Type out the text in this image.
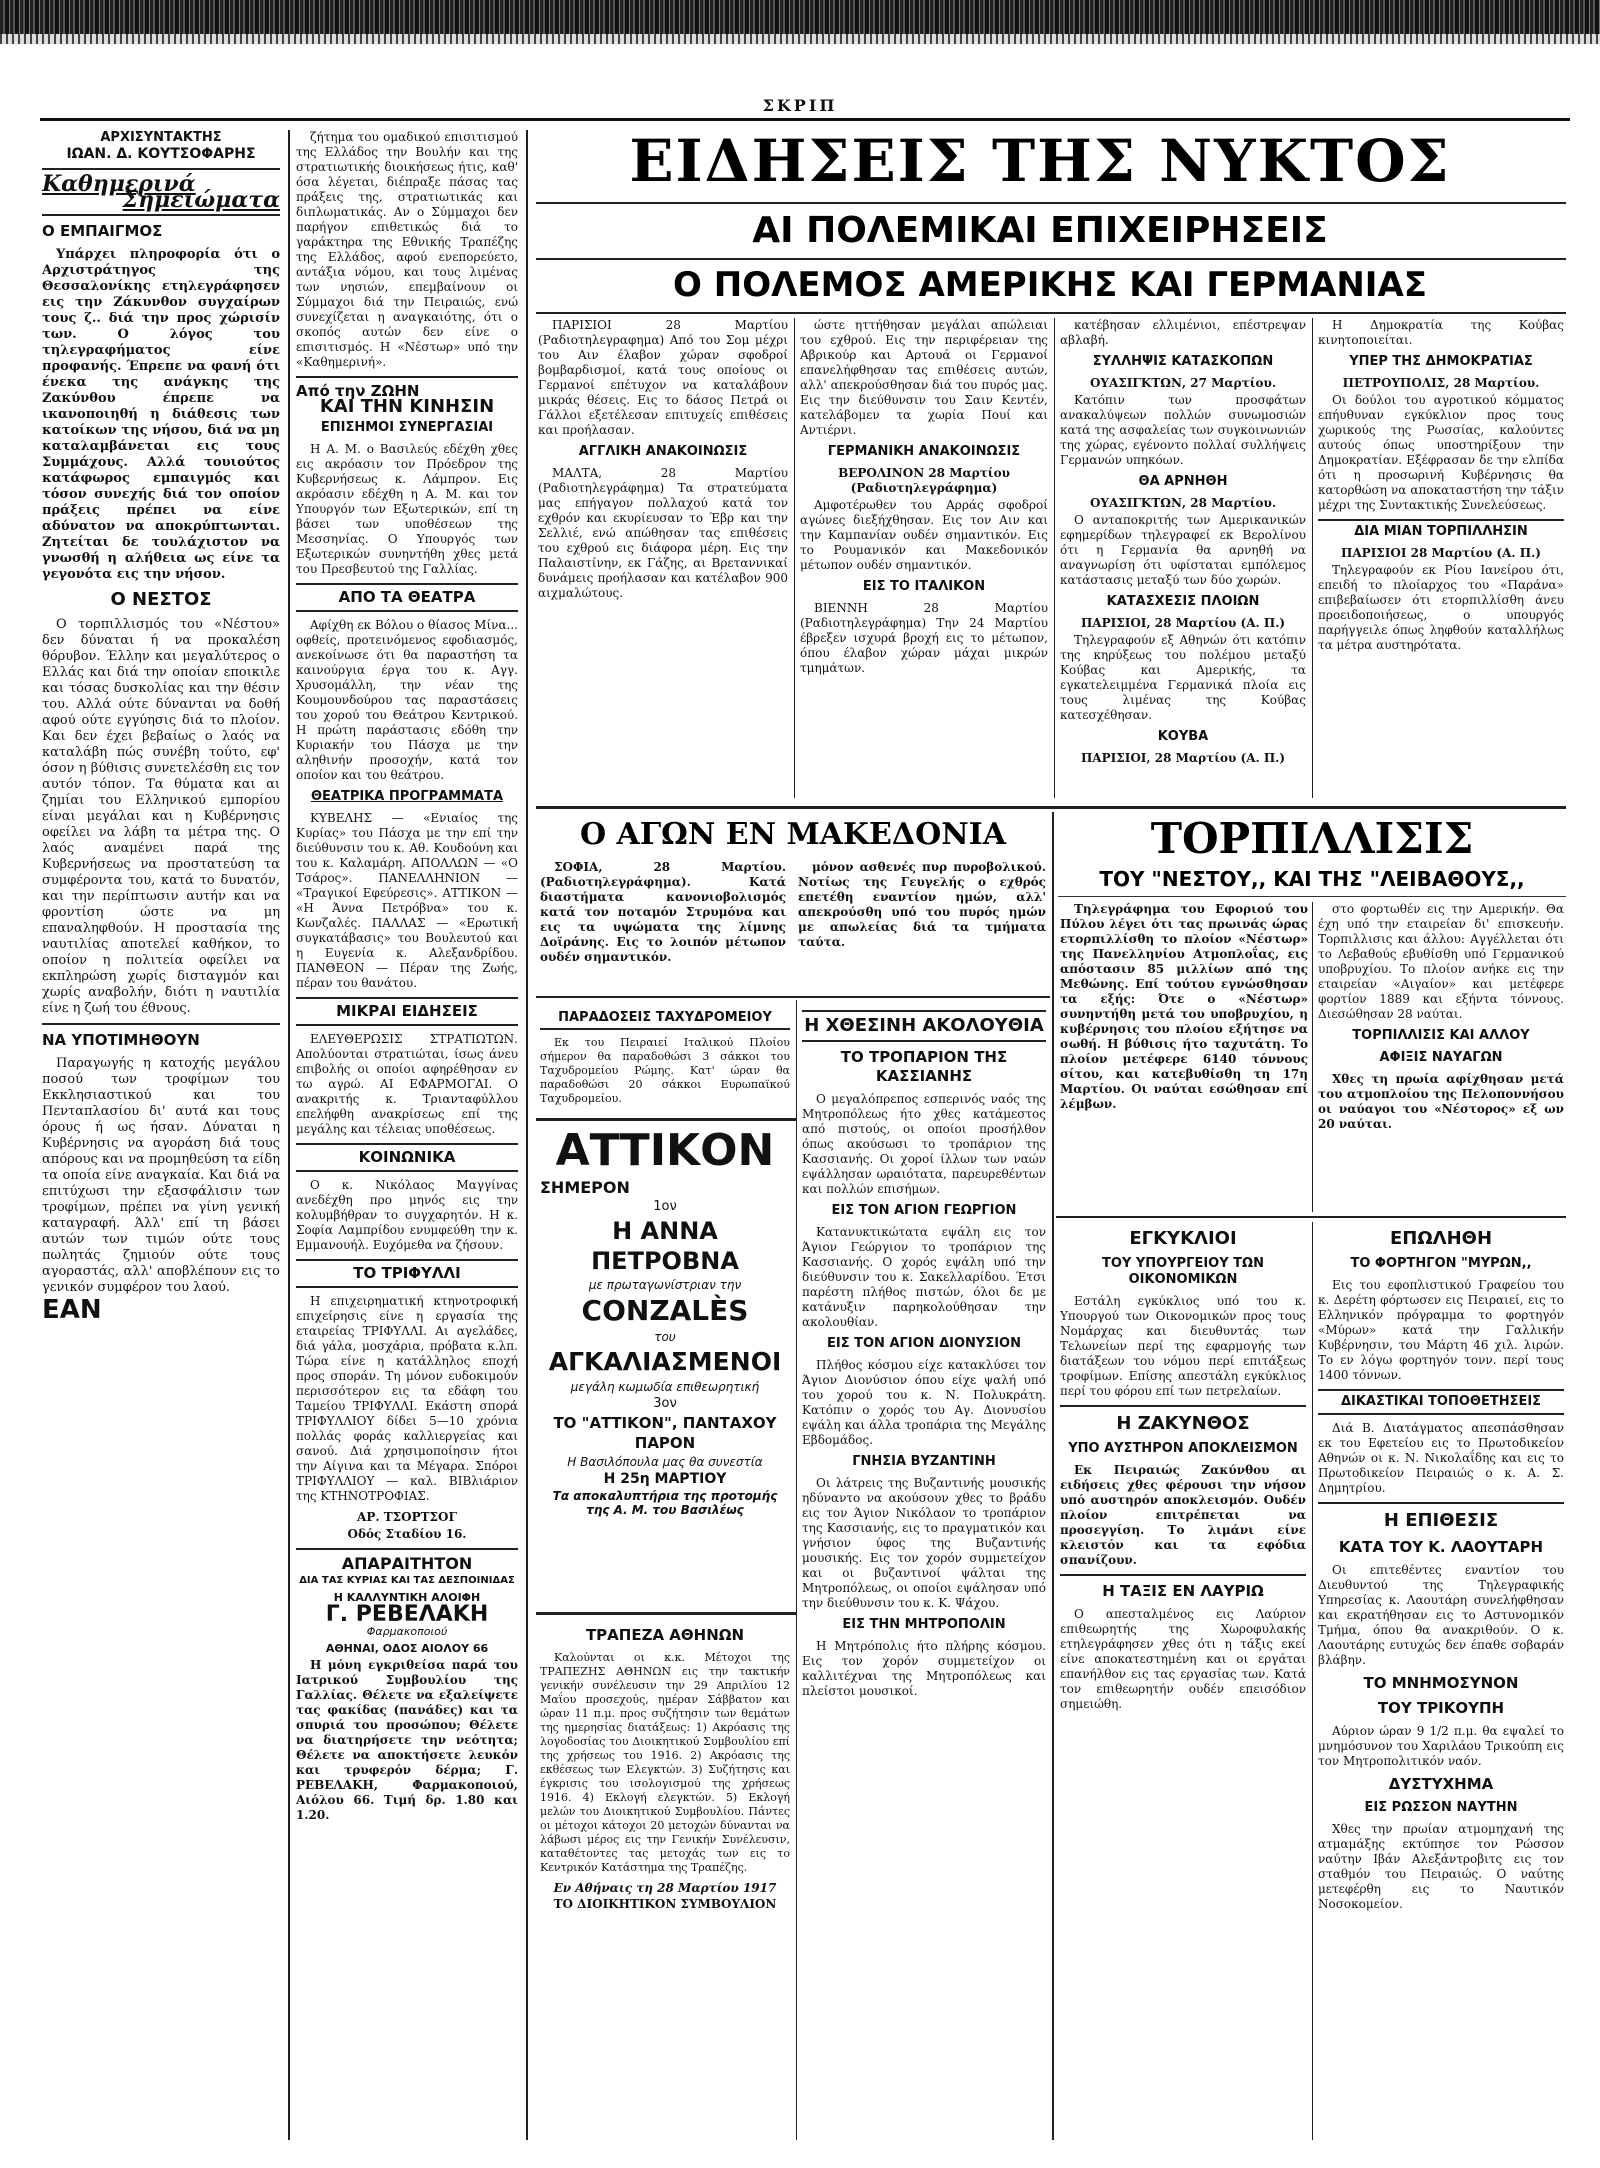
ΣΚΡΙΠ
ΑΡΧΙΣΥΝΤΑΚΤΗΣ
ΙΩΑΝ. Δ. ΚΟΥΤΣΟΦΑΡΗΣ
Καθημερινά
Σημειώματα
Ο ΕΜΠΑΙΓΜΟΣ

Υπάρχει πληροφορία ότι ο Αρχιστράτηγος της Θεσσαλονίκης ετηλεγράφησεν εις την Ζάκυνθον συγχαίρων τους ζ.. διά την προς χώρισίν των. Ο λόγος του τηλεγραφήματος είνε προφανής. Έπρεπε να φανή ότι ένεκα της ανάγκης της Ζακύνθου έπρεπε να ικανοποιηθή η διάθεσις των κατοίκων της νήσου, διά να μη καταλαμβάνεται εις τους Συμμάχους. Αλλά τουιούτος κατάφωρος εμπαιγμός και τόσον συνεχής διά τον οποίον πράξεις πρέπει να είνε αδύνατον να αποκρύπτωνται. Ζητείται δε τουλάχιστον να γνωσθή η αλήθεια ως είνε τα γεγονότα εις την νήσον.

Ο ΝΕΣΤΟΣ

Ο τορπιλλισμός του «Νέστου» δεν δύναται ή να προκαλέση θόρυβον. Έλλην και μεγαλύτερος ο Ελλάς και διά την οποίαν εποικιλε και τόσας δυσκολίας και την θέσιν του. Αλλά ούτε δύνανται να δοθή αφού ούτε εγγύησις διά το πλοίον. Και δεν έχει βεβαίως ο λαός να καταλάβη πώς συνέβη τούτο, εφ' όσον η βύθισις συνετελέσθη εις τον αυτόν τόπον. Τα θύματα και αι ζημίαι του Ελληνικού εμπορίου είναι μεγάλαι και η Κυβέρνησις οφείλει να λάβη τα μέτρα της. Ο λαός αναμένει παρά της Κυβερνήσεως να προστατεύση τα συμφέροντα του, κατά το δυνατόν, και την περίπτωσιν αυτήν και να φροντίση ώστε να μη επαναληφθούν. Η προστασία της ναυτιλίας αποτελεί καθήκον, το οποίον η πολιτεία οφείλει να εκπληρώση χωρίς δισταγμόν και χωρίς αναβολήν, διότι η ναυτιλία είνε η ζωή του έθνους.

ΝΑ ΥΠΟΤΙΜΗΘΟΥΝ

Παραγωγής η κατοχής μεγάλου ποσού των τροφίμων του Εκκλησιαστικού και του Πενταπλασίου δι' αυτά και τους όρους ή ως ήσαν. Δύναται η Κυβέρνησις να αγοράση διά τους απόρους και να προμηθεύση τα είδη τα οποία είνε αναγκαία. Και διά να επιτύχωσι την εξασφάλισιν των τροφίμων, πρέπει να γίνη γενική καταγραφή. Άλλ' επί τη βάσει αυτών των τιμών ούτε τους πωλητάς ζημιούν ούτε τους αγοραστάς, αλλ' αποβλέπουν εις το γενικόν συμφέρον του λαού.

ΕΑΝ

ζήτημα του ομαδικού επισιτισμού της Ελλάδος την Βουλήν και της στρατιωτικής διοικήσεως ήτις, καθ' όσα λέγεται, διέπραξε πάσας τας πράξεις της, στρατιωτικάς και διπλωματικάς. Αν ο Σύμμαχοι δεν παρήγον επιθετικώς διά το γαράκτηρα της Εθνικής Τραπέζης της Ελλάδος, αφού ενεπορεύετο, αντάξια νόμου, και τους λιμένας των νησιών, επεμβαίνουν οι Σύμμαχοι διά την Πειραιώς, ενώ συνεχίζεται η αναγκαιότης, ότι ο σκοπός αυτών δεν είνε ο επισιτισμός. Η «Νέστωρ» υπό την «Καθημερινή».

Από την ΖΩΗΝ
ΚΑΙ ΤΗΝ ΚΙΝΗΣΙΝ
ΕΠΙΣΗΜΟΙ ΣΥΝΕΡΓΑΣΙΑΙ

Η Α. Μ. ο Βασιλεύς εδέχθη χθες εις ακρόασιν τον Πρόεδρον της Κυβερνήσεως κ. Λάμπρον. Εις ακρόασιν εδέχθη η Α. Μ. και τον Υπουργόν των Εξωτερικών, επί τη βάσει των υποθέσεων της Μεσσηνίας. Ο Υπουργός των Εξωτερικών συνηντήθη χθες μετά του Πρεσβευτού της Γαλλίας.

ΑΠΟ ΤΑ ΘΕΑΤΡΑ

Αφίχθη εκ Βόλου ο θίασος Μίνα... οφθείς, προτεινόμενος εφοδιασμός, ανεκοίνωσε ότι θα παραστήση τα καινούργια έργα του κ. Αγγ. Χρυσομάλλη, την νέαν της Κουμουνδούρου τας παραστάσεις του χορού του Θεάτρου Κεντρικού. Η πρώτη παράστασις εδόθη την Κυριακήν του Πάσχα με την αληθινήν προσοχήν, κατά τον οποίον και του θεάτρου.

ΘΕΑΤΡΙΚΑ ΠΡΟΓΡΑΜΜΑΤΑ

ΚΥΒΕΛΗΣ — «Ενιαίος της Κυρίας» του Πάσχα με την επί την διεύθυνσιν του κ. Αθ. Κουδούνη και του κ. Καλαμάρη. ΑΠΟΛΛΩΝ — «Ο Τσάρος». ΠΑΝΕΛΛΗΝΙΟΝ — «Τραγικοί Εφεύρεσις». ΑΤΤΙΚΟΝ — «Η Άννα Πετρόβνα» του κ. Κωνζαλές. ΠΑΛΛΑΣ — «Ερωτική συγκατάβασις» του Βουλευτού και η Ευγενία κ. Αλεξανδρίδου. ΠΑΝΘΕΟΝ — Πέραν της Ζωής, πέραν του θανάτου.

ΜΙΚΡΑΙ ΕΙΔΗΣΕΙΣ

ΕΛΕΥΘΕΡΩΣΙΣ ΣΤΡΑΤΙΩΤΩΝ. Απολύονται στρατιώται, ίσως άνευ επιβολής οι οποίοι αφηρέθησαν εν τω αγρώ. ΑΙ ΕΦΑΡΜΟΓΑΙ. Ο ανακριτής κ. Τριανταφύλλου επελήφθη ανακρίσεως επί της μεγάλης και τέλειας υποθέσεως.

ΚΟΙΝΩΝΙΚΑ

Ο κ. Νικόλαος Μαγγίνας ανεδέχθη προ μηνός εις την κολυμβήθραν το συγχαρητόν. Η κ. Σοφία Λαμπρίδου ενυμφεύθη την κ. Εμμανουήλ. Ευχόμεθα να ζήσουν.

ΤΟ ΤΡΙΦΥΛΛΙ

Η επιχειρηματική κτηνοτροφική επιχείρησις είνε η εργασία της εταιρείας ΤΡΙΦΥΛΛΙ. Αι αγελάδες, διά γάλα, μοσχάρια, πρόβατα κ.λπ. Τώρα είνε η κατάλληλος εποχή προς σποράν. Τη μόνον ευδοκιμούν περισσότερον εις τα εδάφη του Ταμείου ΤΡΙΦΥΛΛΙ. Εκάστη σπορά ΤΡΙΦΥΛΛΙΟΥ δίδει 5—10 χρόνια πολλάς φοράς καλλιεργείας και σανού. Διά χρησιμοποίησιν ήτοι την Αίγινα και τα Μέγαρα. Σπόροι ΤΡΙΦΥΛΛΙΟΥ — καλ. ΒΙΒλιάριον της ΚΤΗΝΟΤΡΟΦΙΑΣ.

ΑΡ. ΤΣΟΡΤΣΟΓ
Οδός Σταδίου 16.
ΑΠΑΡΑΙΤΗΤΟΝ
ΔΙΑ ΤΑΣ ΚΥΡΙΑΣ ΚΑΙ ΤΑΣ ΔΕΣΠΟΙΝΙΔΑΣ
Η ΚΑΛΛΥΝΤΙΚΗ ΑΛΟΙΦΗ
Γ. ΡΕΒΕΛΑΚΗ
Φαρμακοποιού
ΑΘΗΝΑΙ, ΟΔΟΣ ΑΙΟΛΟΥ 66

Η μόνη εγκριθείσα παρά του Ιατρικού Συμβουλίου της Γαλλίας. Θέλετε να εξαλείψετε τας φακίδας (πανάδες) και τα σπυριά του προσώπου; Θέλετε να διατηρήσετε την νεότητα; Θέλετε να αποκτήσετε λευκόν και τρυφερόν δέρμα; Γ. ΡΕΒΕΛΑΚΗ, Φαρμακοποιού, Αιόλου 66. Τιμή δρ. 1.80 και 1.20.

ΕΙΔΗΣΕΙΣ ΤΗΣ ΝΥΚΤΟΣ
ΑΙ ΠΟΛΕΜΙΚΑΙ ΕΠΙΧΕΙΡΗΣΕΙΣ
Ο ΠΟΛΕΜΟΣ ΑΜΕΡΙΚΗΣ ΚΑΙ ΓΕΡΜΑΝΙΑΣ

ΠΑΡΙΣΙΟΙ 28 Μαρτίου (Ραδιοτηλεγραφημα) Από του Σομ μέχρι του Αιν έλαβον χώραν σφοδροί βομβαρδισμοί, κατά τους οποίους οι Γερμανοί επέτυχον να καταλάβουν μικράς θέσεις. Εις το δάσος Πετρά οι Γάλλοι εξετέλεσαν επιτυχείς επιθέσεις και προήλασαν.

ΑΓΓΛΙΚΗ ΑΝΑΚΟΙΝΩΣΙΣ

ΜΑΛΤΑ, 28 Μαρτίου (Ραδιοτηλεγράφημα) Τα στρατεύματα μας επήγαγον πολλαχού κατά τον εχθρόν και εκυρίευσαν το Έβρ και την Σελλιέ, ενώ απώθησαν τας επιθέσεις του εχθρού εις διάφορα μέρη. Εις την Παλαιστίνην, εκ Γάζης, αι Βρεταννικαί δυνάμεις προήλασαν και κατέλαβον 900 αιχμαλώτους.

ώστε ηττήθησαν μεγάλαι απώλειαι του εχθρού. Εις την περιφέρειαν της Αβρικούρ και Αρτουά οι Γερμανοί επανελήφθησαν τας επιθέσεις αυτών, αλλ' απεκρούσθησαν διά του πυρός μας. Εις την διεύθυνσιν του Σαιν Κεντέν, κατελάβομεν τα χωρία Πουί και Αντιέρνι.

ΓΕΡΜΑΝΙΚΗ ΑΝΑΚΟΙΝΩΣΙΣ
ΒΕΡΟΛΙΝΟΝ 28 Μαρτίου (Ραδιοτηλεγράφημα)

Αμφοτέρωθεν του Αρράς σφοδροί αγώνες διεξήχθησαν. Εις τον Αιν και την Καμπανίαν ουδέν σημαντικόν. Εις το Ρουμανικόν και Μακεδονικόν μέτωπον ουδέν σημαντικόν.

ΕΙΣ ΤΟ ΙΤΑΛΙΚΟΝ

ΒΙΕΝΝΗ 28 Μαρτίου (Ραδιοτηλεγράφημα) Την 24 Μαρτίου έβρεξεν ισχυρά βροχή εις το μέτωπον, όπου έλαβον χώραν μάχαι μικρών τμημάτων.

κατέβησαν ελλιμένιοι, επέστρεψαν αβλαβή.

ΣΥΛΛΗΨΙΣ ΚΑΤΑΣΚΟΠΩΝ
ΟΥΑΣΙΓΚΤΩΝ, 27 Μαρτίου.

Κατόπιν των προσφάτων ανακαλύψεων πολλών συνωμοσιών κατά της ασφαλείας των συγκοινωνιών της χώρας, εγένοντο πολλαί συλλήψεις Γερμανών υπηκόων.

ΘΑ ΑΡΝΗΘΗ
ΟΥΑΣΙΓΚΤΩΝ, 28 Μαρτίου.

Ο ανταποκριτής των Αμερικανικών εφημερίδων τηλεγραφεί εκ Βερολίνου ότι η Γερμανία θα αρνηθή να αναγνωρίση ότι υφίσταται εμπόλεμος κατάστασις μεταξύ των δύο χωρών.

ΚΑΤΑΣΧΕΣΙΣ ΠΛΟΙΩΝ
ΠΑΡΙΣΙΟΙ, 28 Μαρτίου (Α. Π.)

Τηλεγραφούν εξ Αθηνών ότι κατόπιν της κηρύξεως του πολέμου μεταξύ Κούβας και Αμερικής, τα εγκατελειμμένα Γερμανικά πλοία εις τους λιμένας της Κούβας κατεσχέθησαν.

ΚΟΥΒΑ
ΠΑΡΙΣΙΟΙ, 28 Μαρτίου (Α. Π.)

Η Δημοκρατία της Κούβας κινητοποιείται.

ΥΠΕΡ ΤΗΣ ΔΗΜΟΚΡΑΤΙΑΣ
ΠΕΤΡΟΥΠΟΛΙΣ, 28 Μαρτίου.

Οι δούλοι του αγροτικού κόμματος επήυθυναν εγκύκλιον προς τους χωρικούς της Ρωσσίας, καλούντες αυτούς όπως υποστηρίξουν την Δημοκρατίαν. Εξέφρασαν δε την ελπίδα ότι η προσωρινή Κυβέρνησις θα κατορθώση να αποκαταστήση την τάξιν μέχρι της Συντακτικής Συνελεύσεως.

ΔΙΑ ΜΙΑΝ ΤΟΡΠΙΛΛΗΣΙΝ
ΠΑΡΙΣΙΟΙ 28 Μαρτίου (Α. Π.)

Τηλεγραφούν εκ Ρίου Ιανείρου ότι, επειδή το πλοίαρχος του «Παράνα» επιβεβαίωσεν ότι ετορπιλλίσθη άνευ προειδοποιήσεως, ο υπουργός παρήγγειλε όπως ληφθούν καταλλήλως τα μέτρα αυστηρότατα.

Ο ΑΓΩΝ ΕΝ ΜΑΚΕΔΟΝΙΑ

ΣΟΦΙΑ, 28 Μαρτίου. (Ραδιοτηλεγράφημα). Κατά διαστήματα κανονιοβολισμός κατά τον ποταμόν Στρυμόνα και εις τα υψώματα της λίμνης Δοϊράνης. Εις το λοιπόν μέτωπον ουδέν σημαντικόν.

μόνον ασθενές πυρ πυροβολικού. Νοτίως της Γευγελής ο εχθρός επετέθη εναντίον ημών, αλλ' απεκρούσθη υπό του πυρός ημών με απωλείας διά τα τμήματα ταύτα.

ΠΑΡΑΔΟΣΕΙΣ ΤΑΧΥΔΡΟΜΕΙΟΥ

Εκ του Πειραιεί Ιταλικού Πλοίου σήμερον θα παραδοθώσι 3 σάκκοι του Ταχυδρομείου Ρώμης. Κατ' ώραν θα παραδοθώσι 20 σάκκοι Ευρωπαϊκού Ταχυδρομείου.

ΑΤΤΙΚΟΝ
ΣΗΜΕΡΟΝ
1ον
Η ΑΝΝΑ ΠΕΤΡΟΒΝΑ
με πρωταγωνίστριαν την
CONZALÈS
του
ΑΓΚΑΛΙΑΣΜΕΝΟΙ
μεγάλη κωμωδία επιθεωρητική
3ον
ΤΟ "ΑΤΤΙΚΟΝ", ΠΑΝΤΑΧΟΥ ΠΑΡΟΝ
Η Βασιλόπουλα μας θα συνεστία
Η 25η ΜΑΡΤΙΟΥ
Τα αποκαλυπτήρια της προτομής της Α. Μ. του Βασιλέως
ΤΡΑΠΕΖΑ ΑΘΗΝΩΝ

Καλούνται οι κ.κ. Μέτοχοι της ΤΡΑΠΕΖΗΣ ΑΘΗΝΩΝ εις την τακτικήν γενικήν συνέλευσιν την 29 Απριλίου 12 Μαΐου προσεχούς, ημέραν Σάββατον και ώραν 11 π.μ. προς συζήτησιν των θεμάτων της ημερησίας διατάξεως: 1) Ακρόασις της λογοδοσίας του Διοικητικού Συμβουλίου επί της χρήσεως του 1916. 2) Ακρόασις της εκθέσεως των Ελεγκτών. 3) Συζήτησις και έγκρισις του ισολογισμού της χρήσεως 1916. 4) Εκλογή ελεγκτών. 5) Εκλογή μελών του Διοικητικού Συμβουλίου. Πάντες οι μέτοχοι κάτοχοι 20 μετοχών δύνανται να λάβωσι μέρος εις την Γενικήν Συνέλευσιν, καταθέτοντες τας μετοχάς των εις το Κεντρικόν Κατάστημα της Τραπέζης.

Εν Αθήναις τη 28 Μαρτίου 1917
ΤΟ ΔΙΟΙΚΗΤΙΚΟΝ ΣΥΜΒΟΥΛΙΟΝ
Η ΧΘΕΣΙΝΗ ΑΚΟΛΟΥΘΙΑ
ΤΟ ΤΡΟΠΑΡΙΟΝ ΤΗΣ ΚΑΣΣΙΑΝΗΣ

Ο μεγαλόπρεπος εσπερινός ναός της Μητροπόλεως ήτο χθες κατάμεστος από πιστούς, οι οποίοι προσήλθον όπως ακούσωσι το τροπάριον της Κασσιανής. Οι χοροί ίλλων των ναών εψάλλησαν ωραιότατα, παρευρεθέντων και πολλών επισήμων.

ΕΙΣ ΤΟΝ ΑΓΙΟΝ ΓΕΩΡΓΙΟΝ

Κατανυκτικώτατα εψάλη εις τον Άγιον Γεώργιον το τροπάριον της Κασσιανής. Ο χορός εψάλη υπό την διεύθυνσιν του κ. Σακελλαρίδου. Έτσι παρέστη πλήθος πιστών, όλοι δε με κατάνυξιν παρηκολούθησαν την ακολουθίαν.

ΕΙΣ ΤΟΝ ΑΓΙΟΝ ΔΙΟΝΥΣΙΟΝ

Πλήθος κόσμου είχε κατακλύσει τον Άγιον Διονύσιον όπου είχε ψαλή υπό του χορού του κ. Ν. Πολυκράτη. Κατόπιν ο χορός του Αγ. Διονυσίου εψάλη και άλλα τροπάρια της Μεγάλης Εβδομάδος.

ΓΝΗΣΙΑ ΒΥΖΑΝΤΙΝΗ

Οι λάτρεις της Βυζαντινής μουσικής ηδύναντο να ακούσουν χθες το βράδυ εις τον Άγιον Νικόλαον το τροπάριον της Κασσιανής, εις το πραγματικόν και γνήσιον ύφος της Βυζαντινής μουσικής. Εις τον χορόν συμμετείχον και οι βυζαντινοί ψάλται της Μητροπόλεως, οι οποίοι εψάλησαν υπό την διεύθυνσιν του κ. Κ. Ψάχου.

ΕΙΣ ΤΗΝ ΜΗΤΡΟΠΟΛΙΝ

Η Μητρόπολις ήτο πλήρης κόσμου. Εις τον χορόν συμμετείχον οι καλλιτέχναι της Μητροπόλεως και πλείστοι μουσικοί.

ΤΟΡΠΙΛΛΙΣΙΣ
ΤΟΥ "ΝΕΣΤΟΥ,, ΚΑΙ ΤΗΣ "ΛΕΙΒΑΘΟΥΣ,,

Τηλεγράφημα του Εφοριού του Πύλου λέγει ότι τας πρωινάς ώρας ετορπιλλίσθη το πλοίον «Νέστωρ» της Πανελληνίου Ατμοπλοΐας, εις απόστασιν 85 μιλλίων από της Μεθώνης. Επί τούτου εγνώσθησαν τα εξής: Ότε ο «Νέστωρ» συνηντήθη μετά του υποβρυχίου, η κυβέρνησις του πλοίου εξήτησε να σωθή. Η βύθισις ήτο ταχυτάτη. Το πλοίον μετέφερε 6140 τόννους σίτου, και κατεβυθίσθη τη 17η Μαρτίου. Οι ναύται εσώθησαν επί λέμβων.

στο φορτωθέν εις την Αμερικήν. Θα έχη υπό την εταιρείαν δι' επισκευήν. Τορπιλλισις και άλλου: Αγγέλλεται ότι το Λεβαθούς εβυθίσθη υπό Γερμανικού υποβρυχίου. Το πλοίον ανήκε εις την εταιρείαν «Αιγαίον» και μετέφερε φορτίον 1889 και εξήντα τόννους. Διεσώθησαν 28 ναύται.

ΤΟΡΠΙΛΛΙΣΙΣ ΚΑΙ ΑΛΛΟΥ
ΑΦΙΞΙΣ ΝΑΥΑΓΩΝ

Χθες τη πρωία αφίχθησαν μετά του ατμοπλοίου της Πελοποννήσου οι ναύαγοι του «Νέστορος» εξ ων 20 ναύται.

ΕΓΚΥΚΛΙΟΙ
ΤΟΥ ΥΠΟΥΡΓΕΙΟΥ ΤΩΝ ΟΙΚΟΝΟΜΙΚΩΝ

Εστάλη εγκύκλιος υπό του κ. Υπουργού των Οικονομικών προς τους Νομάρχας και διευθυντάς των Τελωνείων περί της εφαρμογής των διατάξεων του νόμου περί επιτάξεως τροφίμων. Επίσης απεστάλη εγκύκλιος περί του φόρου επί των πετρελαίων.

Η ΖΑΚΥΝΘΟΣ
ΥΠΟ ΑΥΣΤΗΡΟΝ ΑΠΟΚΛΕΙΣΜΟΝ

Εκ Πειραιώς Ζακύνθου αι ειδήσεις χθες φέρουσι την νήσον υπό αυστηρόν αποκλεισμόν. Ουδέν πλοίον επιτρέπεται να προσεγγίση. Το λιμάνι είνε κλειστόν και τα εφόδια σπανίζουν.

Η ΤΑΞΙΣ ΕΝ ΛΑΥΡΙΩ

Ο απεσταλμένος εις Λαύριον επιθεωρητής της Χωροφυλακής ετηλεγράφησεν χθες ότι η τάξις εκεί είνε αποκατεστημένη και οι εργάται επανήλθον εις τας εργασίας των. Κατά τον επιθεωρητήν ουδέν επεισόδιον σημειώθη.

ΕΠΩΛΗΘΗ
ΤΟ ΦΟΡΤΗΓΟΝ "ΜΥΡΩΝ,,

Εις του εφοπλιστικού Γραφείου του κ. Δερέτη φόρτωσεν εις Πειραιεί, εις το Ελληνικόν πρόγραμμα το φορτηγόν «Μύρων» κατά την Γαλλικήν Κυβέρνησιν, του Μάρτη 46 χιλ. λιρών. Το εν λόγω φορτηγόν τονν. περί τους 1400 τόννων.

ΔΙΚΑΣΤΙΚΑΙ ΤΟΠΟΘΕΤΗΣΕΙΣ

Διά Β. Διατάγματος απεσπάσθησαν εκ του Εφετείου εις το Πρωτοδικείον Αθηνών οι κ. Ν. Νικολαΐδης και εις το Πρωτοδικείον Πειραιώς ο κ. Α. Σ. Δημητρίου.

Η ΕΠΙΘΕΣΙΣ
ΚΑΤΑ ΤΟΥ Κ. ΛΑΟΥΤΑΡΗ

Οι επιτεθέντες εναντίον του Διευθυντού της Τηλεγραφικής Υπηρεσίας κ. Λαουτάρη συνελήφθησαν και εκρατήθησαν εις το Αστυνομικόν Τμήμα, όπου θα ανακριθούν. Ο κ. Λαουτάρης ευτυχώς δεν έπαθε σοβαράν βλάβην.

ΤΟ ΜΝΗΜΟΣΥΝΟΝ
ΤΟΥ ΤΡΙΚΟΥΠΗ

Αύριον ώραν 9 1/2 π.μ. θα εψαλεί το μνημόσυνον του Χαριλάου Τρικούπη εις τον Μητροπολιτικόν ναόν.

ΔΥΣΤΥΧΗΜΑ
ΕΙΣ ΡΩΣΣΟΝ ΝΑΥΤΗΝ

Χθες την πρωίαν ατμομηχανή της ατμαμάξης εκτύπησε τον Ρώσσον ναύτην Ιβάν Αλεξάντροβιτς εις τον σταθμόν του Πειραιώς. Ο ναύτης μετεφέρθη εις το Ναυτικόν Νοσοκομείον.
